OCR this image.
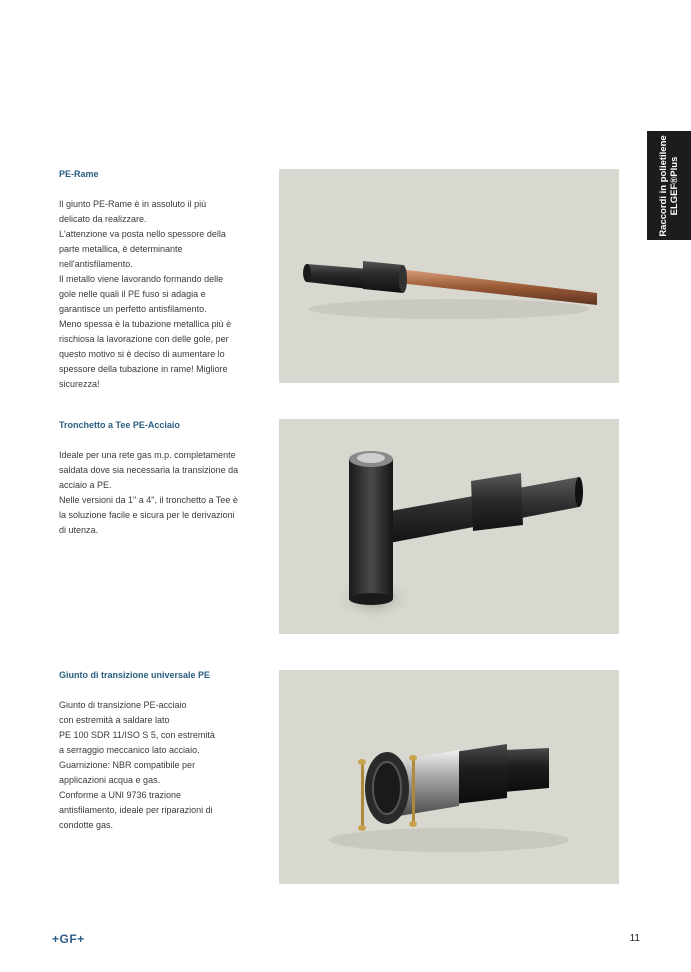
Raccordi in polietilene ELGEF®Plus
PE-Rame
Il giunto PE-Rame è in assoluto il più
delicato da realizzare.
L'attenzione va posta nello spessore della
parte metallica, è determinante
nell'antisfilamento.
Il metallo viene lavorando formando delle
gole nelle quali il PE fuso si adagia e
garantisce un perfetto antisfilamento.
Meno spessa è la tubazione metallica più è
rischiosa la lavorazione con delle gole, per
questo motivo si è deciso di aumentare lo
spessore della tubazione in rame! Migliore
sicurezza!
Tronchetto a Tee PE-Acciaio
Ideale per una rete gas m.p. completamente
saldata dove sia necessaria la transizione da
acciaio a PE.
Nelle versioni da 1" a 4", il tronchetto a Tee è
la soluzione facile e sicura per le derivazioni
di utenza.
Giunto di transizione universale PE
Giunto di transizione PE-acciaio
con estremità a saldare lato
PE 100 SDR 11/ISO S 5, con estremità
a serraggio meccanico lato acciaio.
Guarnizione: NBR compatibile per
applicazioni acqua e gas.
Conforme a UNI 9736 trazione
antisfilamento, ideale per riparazioni di
condotte gas.
+GF+	11
